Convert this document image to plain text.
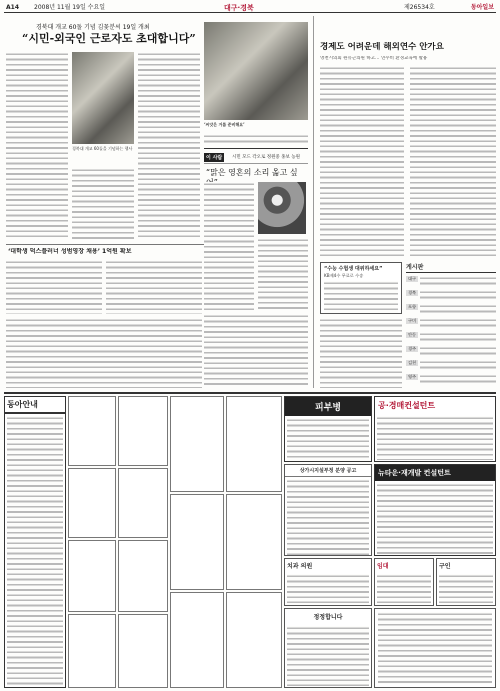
A14	2008년 11월 19일 수요일	대구·경북	제26534호	동아일보
경북대 개교 60돌 기념 김꽃분씨 19일 개최
“시민-외국인 근로자도 초대합니다”
경북대 개교 60돌을 기념하는 행사
‘씨앗은 거름 준비해요’
경제도 어려운데 해외연수 안가요
영천시의회 원유근의원 하고… 연수비 환경교육에 활용
이 사람	시민 모드 각오로 정원중 홍보 농원
“맑은 영혼의 소리 옮고 싶
‘대학생 덕스플러너 성범영장 채용’ 1억원 확보
“수능 수험생 대위하세요”
KB제4수 무료로 수송
게시판
대구
경북
포항
구미
안동
경주
김천
영주
동아안내	피부병	공·경매컨설턴트
상가시지설부정 분양 공고	뉴타운·재개발 컨설턴트
치과 의원	임대	구인
정정합니다
